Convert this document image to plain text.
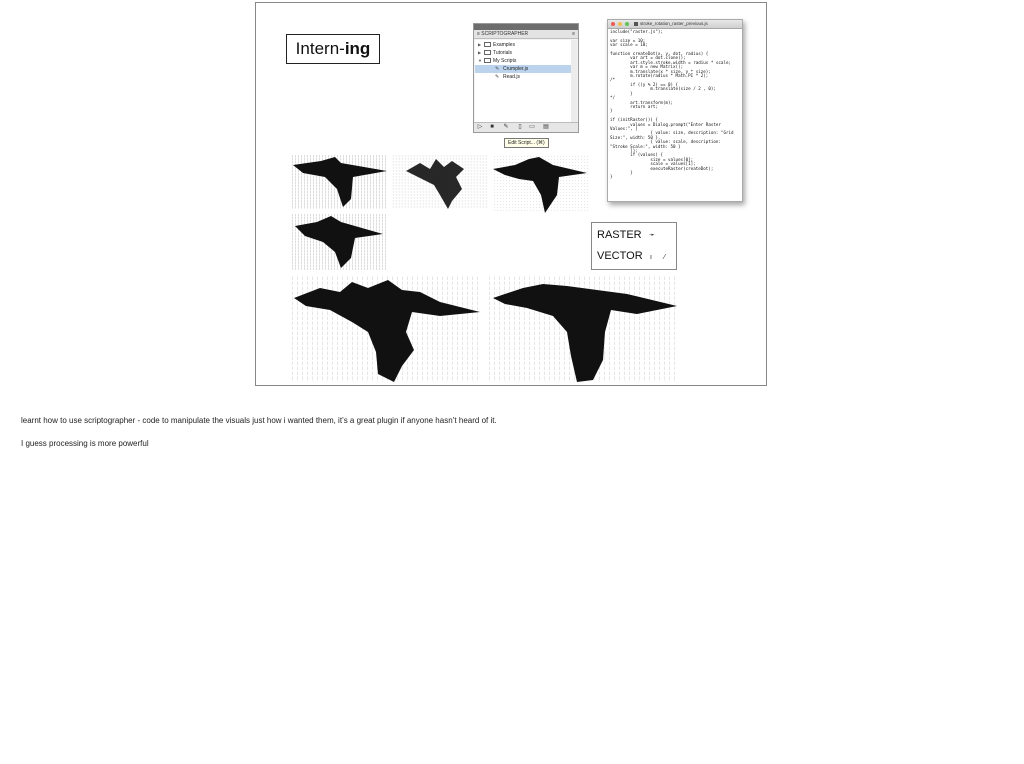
Intern- ing
≡ SCRIPTOGRAPHER	≡
▶ Examples
▶ Tutorials
▼ My Scripts
✎ Crumpler.js
✎ Read.js
▷ ■ ✎ ▯ ▭ ▤
Edit Script... (⌘)
stroke_rotation_raster_previous.js
include("raster.js");

var size = 10;
var scale = 10;

function createDot(x, y, dot, radius) {
var art = dot.clone();
art.style.stroke.width = radius * scale;
var m = new Matrix();
m.translate(x * size, y * size);
m.rotate(radius * Math.PI * 2);
/*
if ((y % 2) == 0) {
m.translate(size / 2 , 0);
}
*/
art.transform(m);
return art;
}

if (initRaster()) {
values = Dialog.prompt("Enter Raster
Values:", [
{ value: size, description: "Grid
Size:", width: 50 },
{ value: scale, description:
"Stroke Scale:", width: 50 }
]);
if (values) {
size = values[0];
scale = values[1];
executeRaster(createDot);
}
}
RASTER ➛
VECTOR ı ⁄
learnt how to use scriptographer - code to manipulate the visuals just how i wanted them, it’s a great plugin if anyone hasn’t heard of it.
I guess processing is more powerful
